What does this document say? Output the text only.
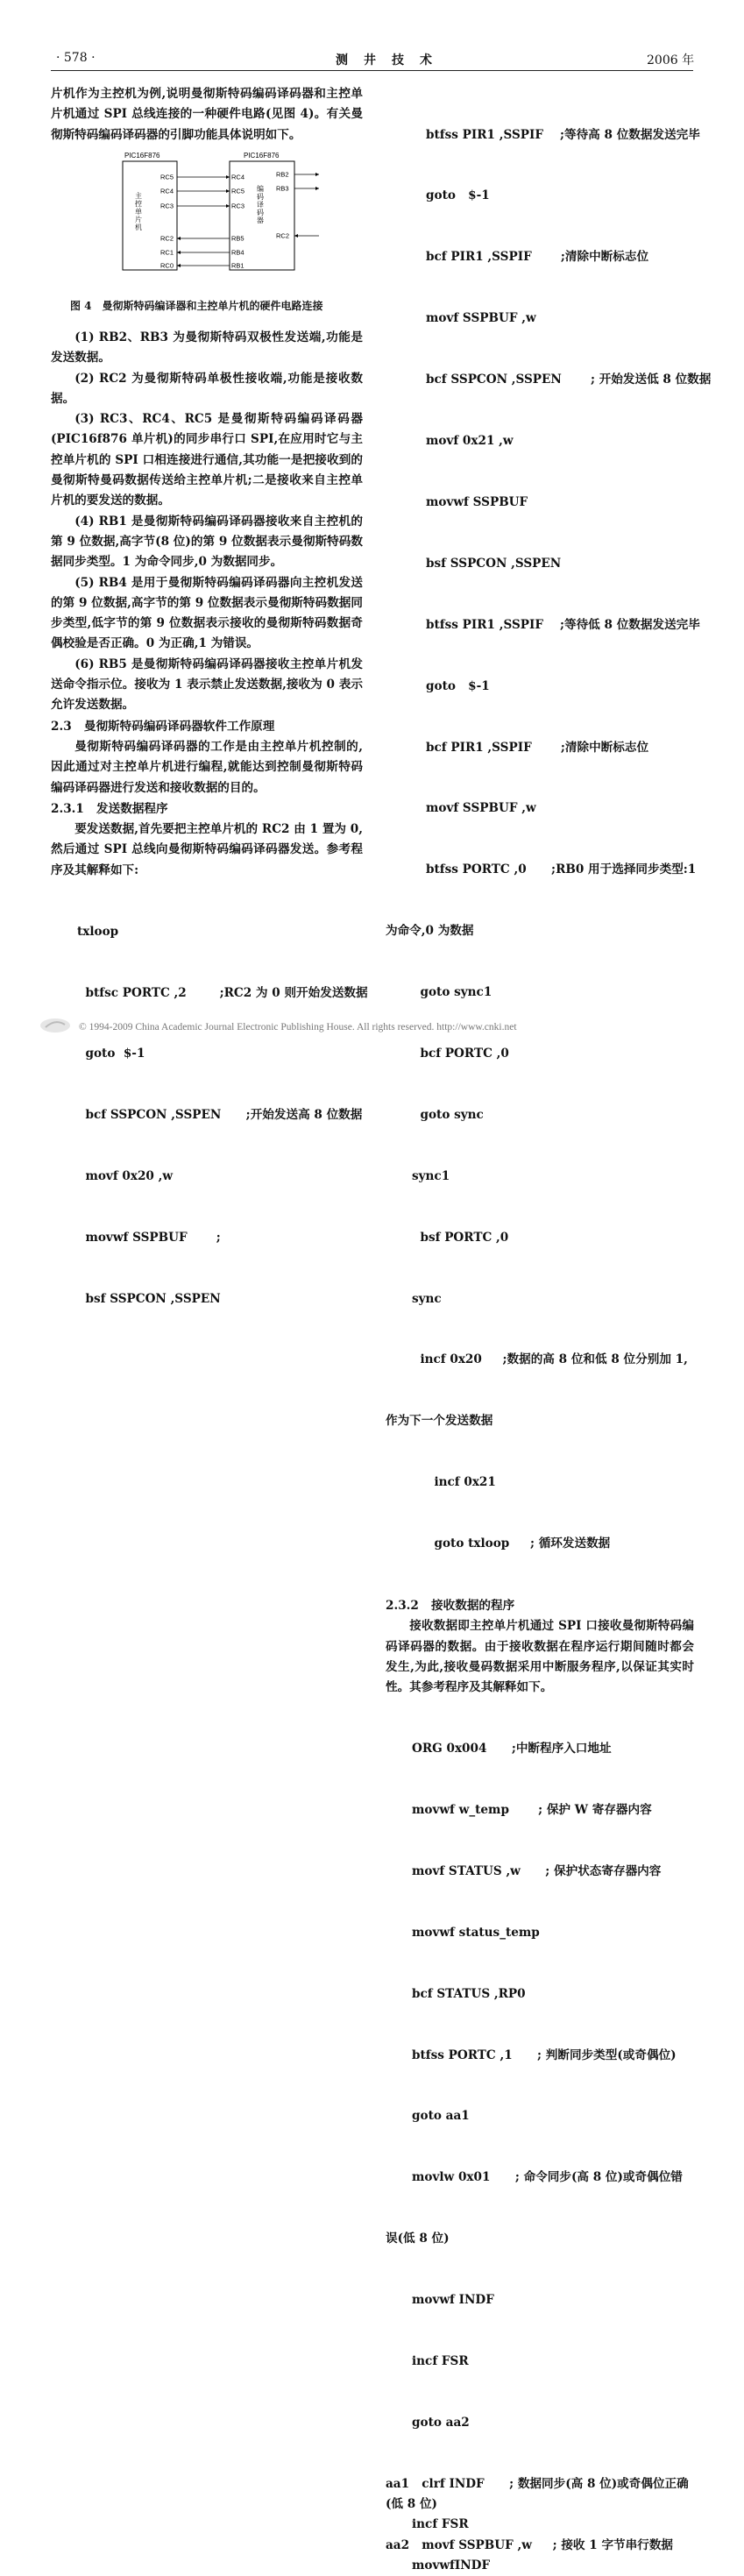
· 578 ·	测　井　技　术	2006 年

片机作为主控机为例,说明曼彻斯特码编码译码器和主控单片机通过 SPI 总线连接的一种硬件电路(见图 4)。有关曼彻斯特码编码译码器的引脚功能具体说明如下。

PIC16F876	PIC16F876
主
控
单
片
机
编
码
译
码
器
RC5
RC4
RC3
RC2
RC1
RC0
RC4
RC5
RC3
RB5
RB4
RB1
RB2
RB3
RC2
图 4　曼彻斯特码编译器和主控单片机的硬件电路连接

(1) RB2、RB3 为曼彻斯特码双极性发送端,功能是发送数据。

(2) RC2 为曼彻斯特码单极性接收端,功能是接收数据。

(3) RC3、RC4、RC5 是曼彻斯特码编码译码器(PIC16f876 单片机)的同步串行口 SPI,在应用时它与主控单片机的 SPI 口相连接进行通信,其功能一是把接收到的曼彻斯特曼码数据传送给主控单片机;二是接收来自主控单片机的要发送的数据。

(4) RB1 是曼彻斯特码编码译码器接收来自主控机的第 9 位数据,高字节(8 位)的第 9 位数据表示曼彻斯特码数据同步类型。1 为命令同步,0 为数据同步。

(5) RB4 是用于曼彻斯特码编码译码器向主控机发送的第 9 位数据,高字节的第 9 位数据表示曼彻斯特码数据同步类型,低字节的第 9 位数据表示接收的曼彻斯特码数据奇偶校验是否正确。0 为正确,1 为错误。

(6) RB5 是曼彻斯特码编码译码器接收主控单片机发送命令指示位。接收为 1 表示禁止发送数据,接收为 0 表示允许发送数据。

2.3 曼彻斯特码编码译码器软件工作原理

曼彻斯特码编码译码器的工作是由主控单片机控制的,因此通过对主控单片机进行编程,就能达到控制曼彻斯特码编码译码器进行发送和接收数据的目的。

2.3.1 发送数据程序

要发送数据,首先要把主控单片机的 RC2 由 1 置为 0,然后通过 SPI 总线向曼彻斯特码编码译码器发送。参考程序及其解释如下:

txloop

btfsc PORTC ,2        ;RC2 为 0 则开始发送数据

goto  $-1

bcf SSPCON ,SSPEN      ;开始发送高 8 位数据

movf 0x20 ,w

movwf SSPBUF       ;

bsf SSPCON ,SSPEN

btfss PIR1 ,SSPIF    ;等待高 8 位数据发送完毕

goto   $-1

bcf PIR1 ,SSPIF       ;清除中断标志位

movf SSPBUF ,w

bcf SSPCON ,SSPEN       ; 开始发送低 8 位数据

movf 0x21 ,w

movwf SSPBUF

bsf SSPCON ,SSPEN

btfss PIR1 ,SSPIF    ;等待低 8 位数据发送完毕

goto   $-1

bcf PIR1 ,SSPIF       ;清除中断标志位

movf SSPBUF ,w

btfss PORTC ,0      ;RB0 用于选择同步类型:1

为命令,0 为数据

goto sync1

bcf PORTC ,0

goto sync

sync1

bsf PORTC ,0

sync

incf 0x20     ;数据的高 8 位和低 8 位分别加 1,

作为下一个发送数据

incf 0x21

goto txloop     ; 循环发送数据

2.3.2 接收数据的程序

接收数据即主控单片机通过 SPI 口接收曼彻斯特码编码译码器的数据。由于接收数据在程序运行期间随时都会发生,为此,接收曼码数据采用中断服务程序,以保证其实时性。其参考程序及其解释如下。

ORG 0x004      ;中断程序入口地址

movwf w_temp       ; 保护 W 寄存器内容

movf STATUS ,w      ; 保护状态寄存器内容

movwf status_temp

bcf STATUS ,RP0

btfss PORTC ,1      ; 判断同步类型(或奇偶位)

goto aa1

movlw 0x01      ; 命令同步(高 8 位)或奇偶位错

误(低 8 位)

movwf INDF

incf FSR

goto aa2

aa1   clrf INDF      ; 数据同步(高 8 位)或奇偶位正确
(低 8 位)
incf FSR
aa2   movf SSPBUF ,w     ; 接收 1 字节串行数据
movwfINDF
© 1994-2009 China Academic Journal Electronic Publishing House. All rights reserved. http://www.cnki.net
